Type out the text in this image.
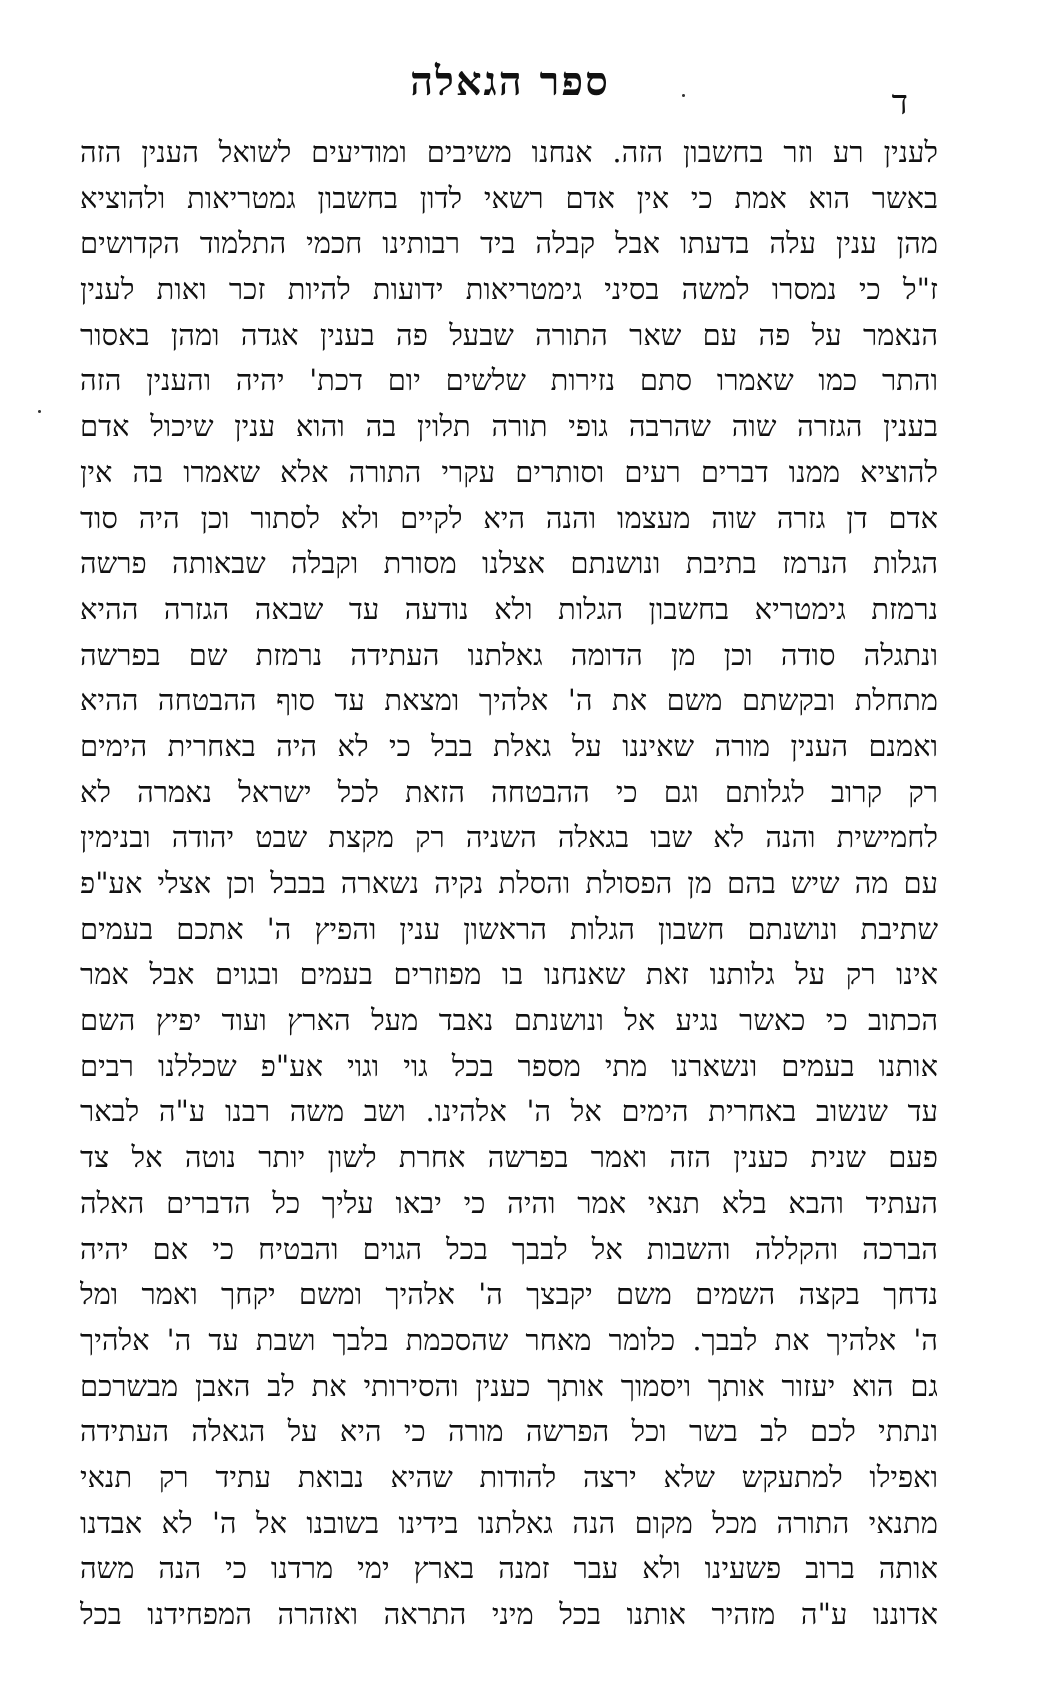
ספר הגאלה	ד
לענין רע וזר בחשבון הזה. אנחנו משיבים ומודיעים לשואל הענין הזה
באשר הוא אמת כי אין אדם רשאי לדון בחשבון גמטריאות ולהוציא
מהן ענין עלה בדעתו אבל קבלה ביד רבותינו חכמי התלמוד הקדושים
ז"ל כי נמסרו למשה בסיני גימטריאות ידועות להיות זכר ואות לענין
הנאמר על פה עם שאר התורה שבעל פה בענין אגדה ומהן באסור
והתר כמו שאמרו סתם נזירות שלשים יום דכת' יהיה והענין הזה
בענין הגזרה שוה שהרבה גופי תורה תלוין בה והוא ענין שיכול אדם
להוציא ממנו דברים רעים וסותרים עקרי התורה אלא שאמרו בה אין
אדם דן גזרה שוה מעצמו והנה היא לקיים ולא לסתור וכן היה סוד
הגלות הנרמז בתיבת ונושנתם אצלנו מסורת וקבלה שבאותה פרשה
נרמזת גימטריא בחשבון הגלות ולא נודעה עד שבאה הגזרה ההיא
ונתגלה סודה וכן מן הדומה גאלתנו העתידה נרמזת שם בפרשה
מתחלת ובקשתם משם את ה' אלהיך ומצאת עד סוף ההבטחה ההיא
ואמנם הענין מורה שאיננו על גאלת בבל כי לא היה באחרית הימים
רק קרוב לגלותם וגם כי ההבטחה הזאת לכל ישראל נאמרה לא
לחמישית והנה לא שבו בגאלה השניה רק מקצת שבט יהודה ובנימין
עם מה שיש בהם מן הפסולת והסלת נקיה נשארה בבבל וכן אצלי אע"פ
שתיבת ונושנתם חשבון הגלות הראשון ענין והפיץ ה' אתכם בעמים
אינו רק על גלותנו זאת שאנחנו בו מפוזרים בעמים ובגוים אבל אמר
הכתוב כי כאשר נגיע אל ונושנתם נאבד מעל הארץ ועוד יפיץ השם
אותנו בעמים ונשארנו מתי מספר בכל גוי וגוי אע"פ שכללנו רבים
עד שנשוב באחרית הימים אל ה' אלהינו. ושב משה רבנו ע"ה לבאר
פעם שנית כענין הזה ואמר בפרשה אחרת לשון יותר נוטה אל צד
העתיד והבא בלא תנאי אמר והיה כי יבאו עליך כל הדברים האלה
הברכה והקללה והשבות אל לבבך בכל הגוים והבטיח כי אם יהיה
נדחך בקצה השמים משם יקבצך ה' אלהיך ומשם יקחך ואמר ומל
ה' אלהיך את לבבך. כלומר מאחר שהסכמת בלבך ושבת עד ה' אלהיך
גם הוא יעזור אותך ויסמוך אותך כענין והסירותי את לב האבן מבשרכם
ונתתי לכם לב בשר וכל הפרשה מורה כי היא על הגאלה העתידה
ואפילו למתעקש שלא ירצה להודות שהיא נבואת עתיד רק תנאי
מתנאי התורה מכל מקום הנה גאלתנו בידינו בשובנו אל ה' לא אבדנו
אותה ברוב פשעינו ולא עבר זמנה בארץ ימי מרדנו כי הנה משה
אדוננו ע"ה מזהיר אותנו בכל מיני התראה ואזהרה המפחידנו בכל
